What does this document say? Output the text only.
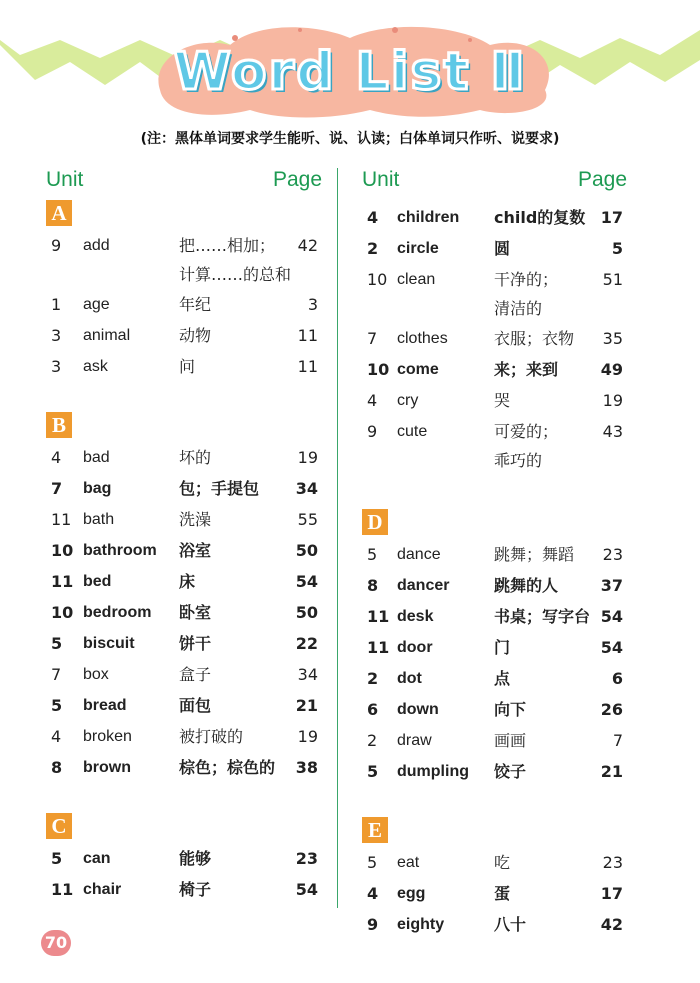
Word List Ⅱ
(注：黑体单词要求学生能听、说、认读；白体单词只作听、说要求)
Unit	Page
A
9 add	把……相加； 42
计算……的总和
1 age	年纪	3
3 animal	动物	11
3 ask	问	11
B
4 bad	坏的	19
7 bag	包；手提包 34
11 bath	洗澡	55
10 bathroom 浴室	50
11 bed	床	54
10 bedroom 卧室	50
5 biscuit	饼干	22
7 box	盒子	34
5 bread	面包	21
4 broken	被打破的	19
8 brown	棕色；棕色的 38
C
5 can	能够	23
11 chair	椅子	54
Unit	Page
4 children child的复数 17
2 circle	圆	5
10 clean	干净的；	51
清洁的
7 clothes	衣服；衣物 35
10 come	来；来到	49
4 cry	哭	19
9 cute	可爱的；	43
乖巧的
D
5 dance	跳舞；舞蹈 23
8 dancer	跳舞的人	37
11 desk	书桌；写字台 54
11 door	门	54
2 dot	点	6
6 down	向下	26
2 draw	画画	7
5 dumpling 饺子	21
E
5 eat	吃	23
4 egg	蛋	17
9 eighty	八十	42
70
